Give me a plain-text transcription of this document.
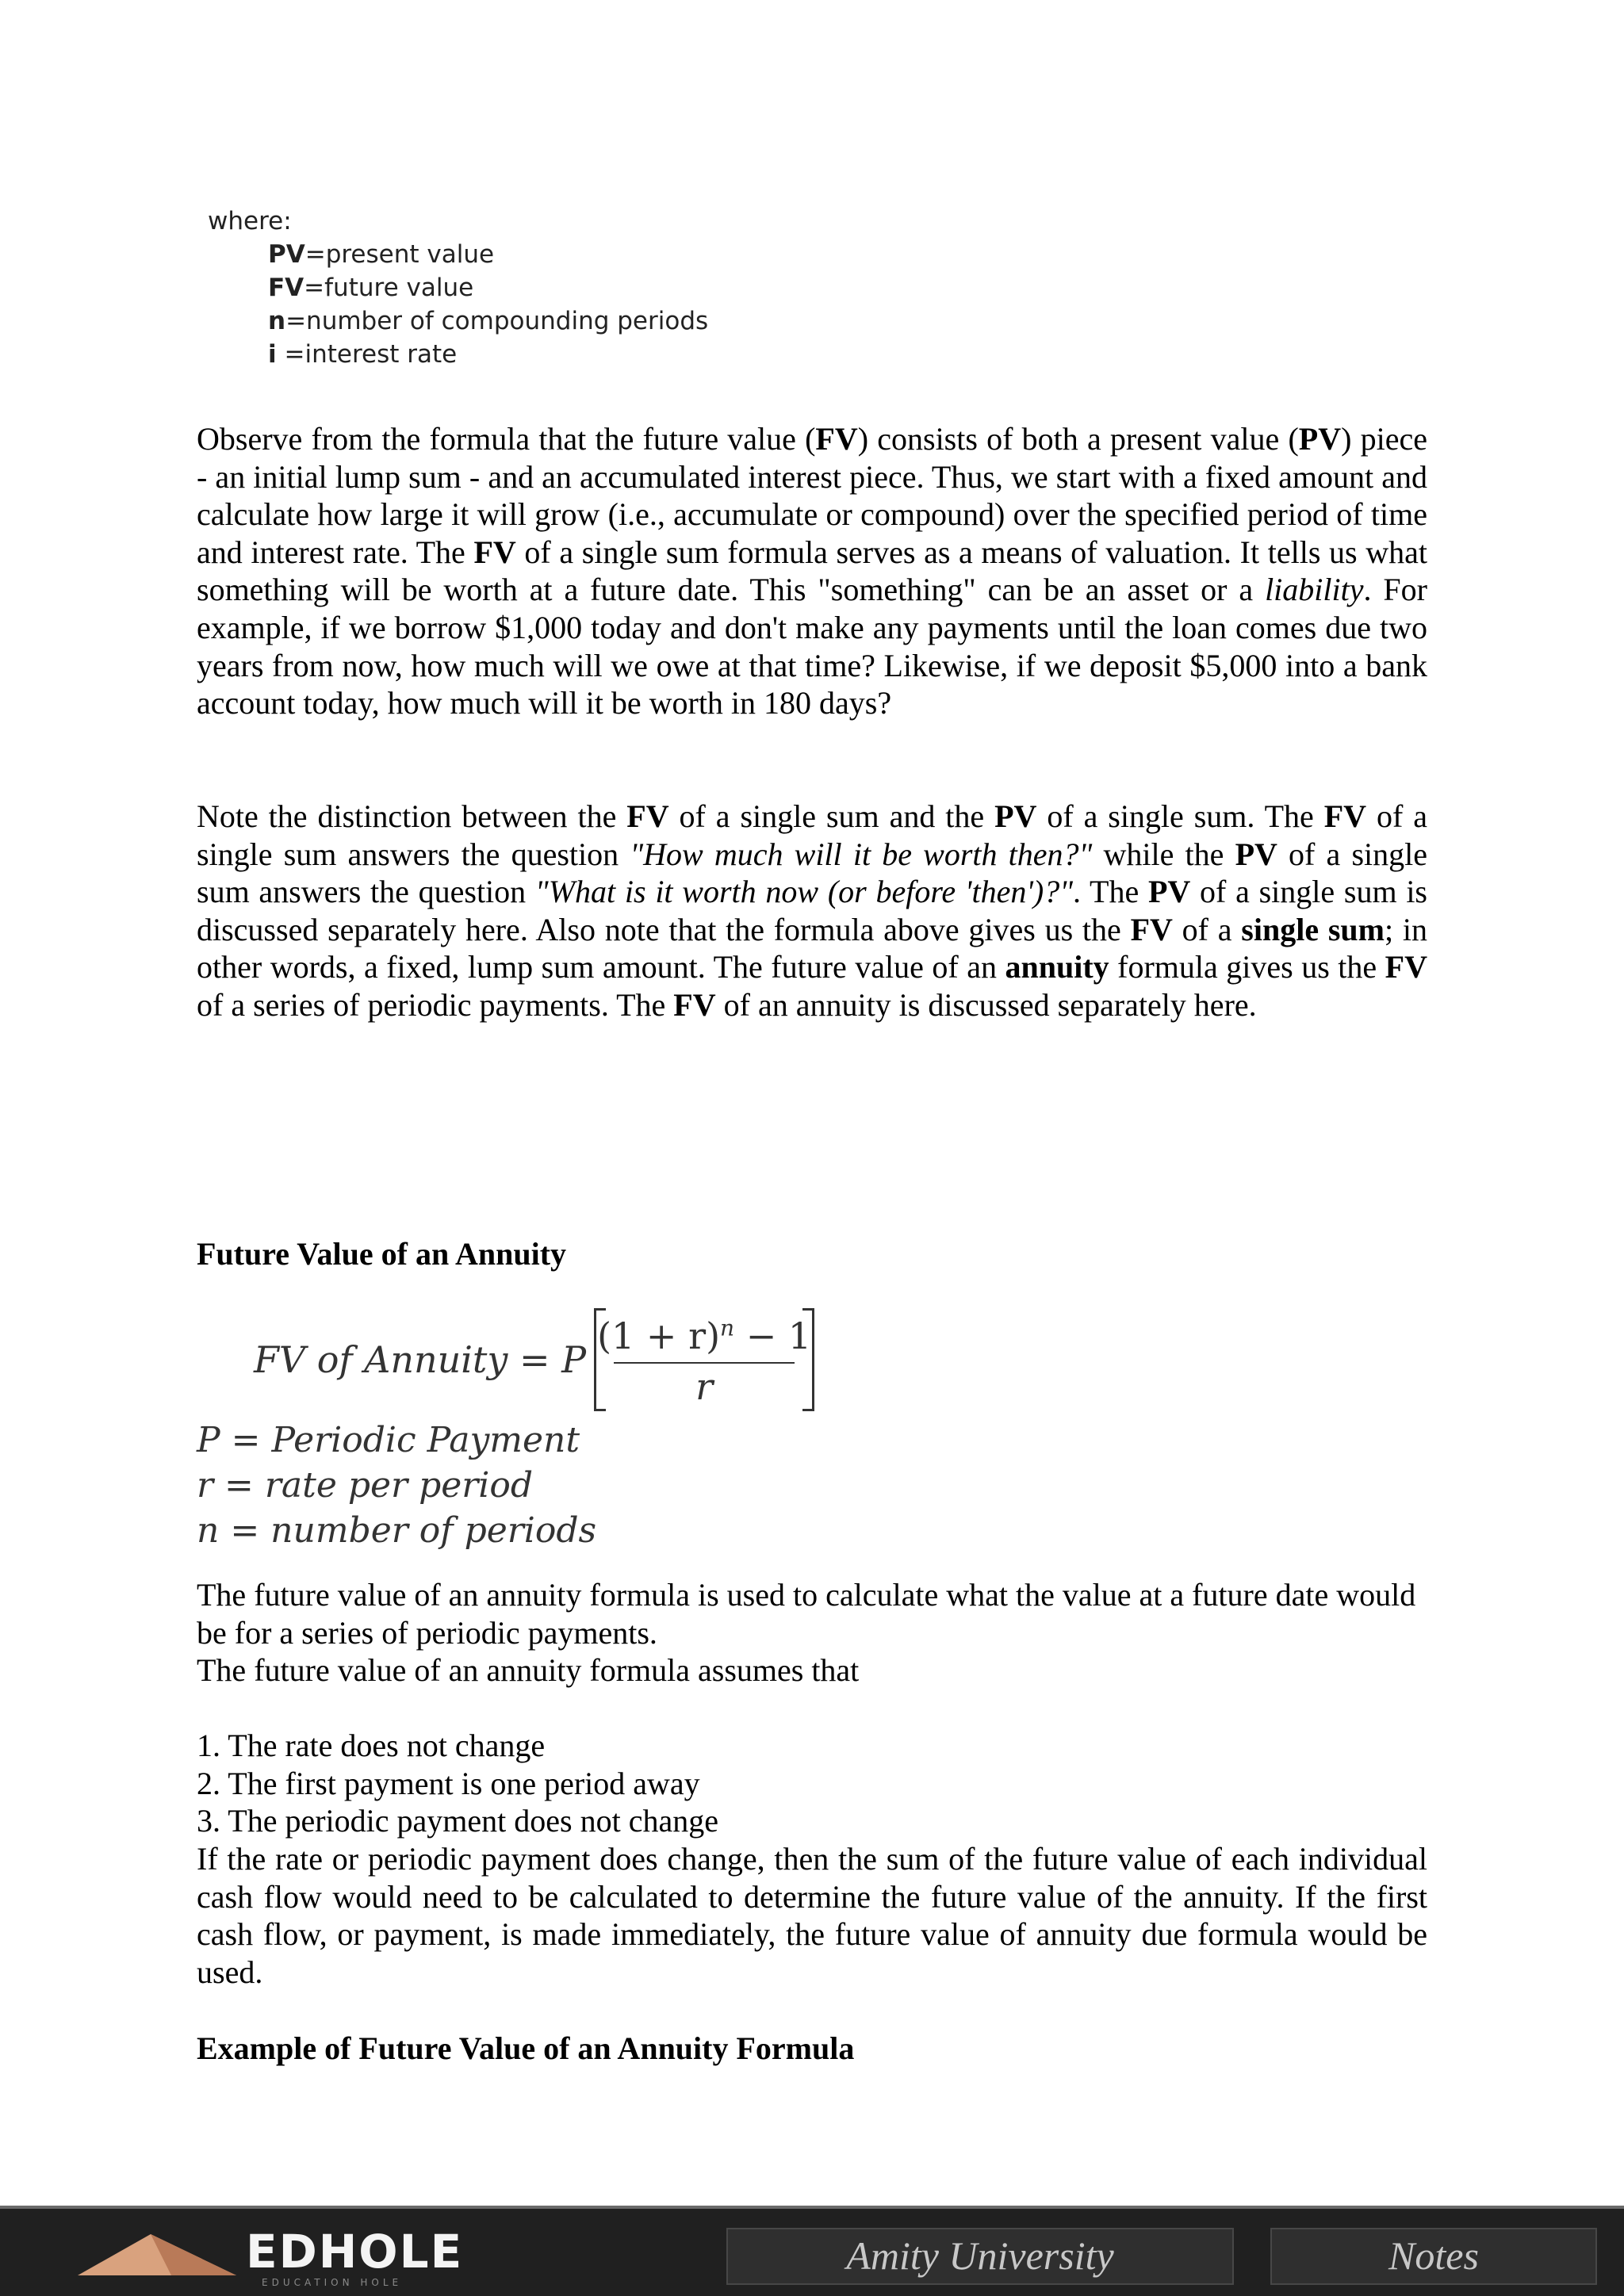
where:
PV=present value
FV=future value
n=number of compounding periods
i =interest rate

Observe from the formula that the future value (FV) consists of both a present value (PV) piece - an initial lump sum - and an accumulated interest piece. Thus, we start with a fixed amount and calculate how large it will grow (i.e., accumulate or compound) over the specified period of time and interest rate. The FV of a single sum formula serves as a means of valuation. It tells us what something will be worth at a future date. This "something" can be an asset or a liability. For example, if we borrow $1,000 today and don't make any payments until the loan comes due two years from now, how much will we owe at that time? Likewise, if we deposit $5,000 into a bank account today, how much will it be worth in 180 days?

Note the distinction between the FV of a single sum and the PV of a single sum. The FV of a single sum answers the question "How much will it be worth then?" while the PV of a single sum answers the question "What is it worth now (or before 'then')?". The PV of a single sum is discussed separately here. Also note that the formula above gives us the FV of a single sum; in other words, a fixed, lump sum amount. The future value of an annuity formula gives us the FV of a series of periodic payments. The FV of an annuity is discussed separately here.

Future Value of an Annuity
FV of Annuity = P $\frac{(1 + r)^n - 1}{r}$
P = Periodic Payment
r = rate per period
n = number of periods

The future value of an annuity formula is used to calculate what the value at a future date would be for a series of periodic payments.
The future value of an annuity formula assumes that

1. The rate does not change
2. The first payment is one period away
3. The periodic payment does not change

If the rate or periodic payment does change, then the sum of the future value of each individual cash flow would need to be calculated to determine the future value of the annuity. If the first cash flow, or payment, is made immediately, the future value of annuity due formula would be used.

Example of Future Value of an Annuity Formula
EDHOLE
EDUCATION HOLE
Amity University	Notes
